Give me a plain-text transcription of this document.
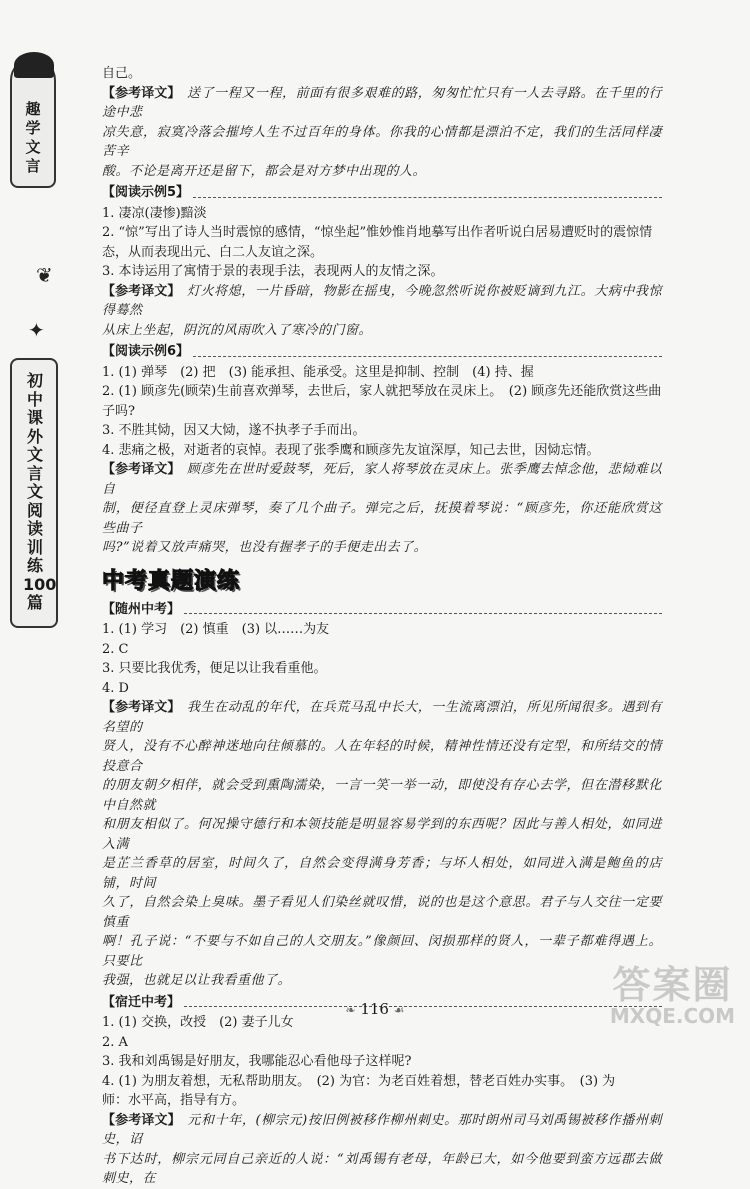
趣学文言
❦
✦
初中课外文言文阅读训练100篇

自己。

【参考译文】　 送了一程又一程，前面有很多艰难的路，匆匆忙忙只有一人去寻路。在千里的行途中悲

凉失意，寂寞冷落会摧垮人生不过百年的身体。你我的心情都是漂泊不定，我们的生活同样凄苦辛

酸。不论是离开还是留下，都会是对方梦中出现的人。

【阅读示例5】

1. 凄凉(凄惨)黯淡

2. “惊”写出了诗人当时震惊的感情，“惊坐起”惟妙惟肖地摹写出作者听说白居易遭贬时的震惊情

态，从而表现出元、白二人友谊之深。

3. 本诗运用了寓情于景的表现手法，表现两人的友情之深。

【参考译文】　 灯火将熄，一片昏暗，物影在摇曳，今晚忽然听说你被贬谪到九江。大病中我惊得蓦然

从床上坐起，阴沉的风雨吹入了寒冷的门窗。

【阅读示例6】

1. (1) 弹琴　(2) 把　(3) 能承担、能承受。这里是抑制、控制　(4) 持、握

2. (1) 顾彦先(顾荣)生前喜欢弹琴，去世后，家人就把琴放在灵床上。　(2) 顾彦先还能欣赏这些曲

子吗?

3. 不胜其恸，因又大恸，遂不执孝子手而出。

4. 悲痛之极，对逝者的哀悼。表现了张季鹰和顾彦先友谊深厚，知己去世，因恸忘情。

【参考译文】　 顾彦先在世时爱鼓琴，死后，家人将琴放在灵床上。张季鹰去悼念他，悲恸难以自

制，便径直登上灵床弹琴，奏了几个曲子。弹完之后，抚摸着琴说：“顾彦先，你还能欣赏这些曲子

吗?”说着又放声痛哭，也没有握孝子的手便走出去了。

中考真题演练
【随州中考】

1. (1) 学习　(2) 慎重　(3) 以……为友

2. C

3. 只要比我优秀，便足以让我看重他。

4. D

【参考译文】　 我生在动乱的年代，在兵荒马乱中长大，一生流离漂泊，所见所闻很多。遇到有名望的

贤人，没有不心醉神迷地向往倾慕的。人在年轻的时候，精神性情还没有定型，和所结交的情投意合

的朋友朝夕相伴，就会受到熏陶濡染，一言一笑一举一动，即使没有存心去学，但在潜移默化中自然就

和朋友相似了。何况操守德行和本领技能是明显容易学到的东西呢？因此与善人相处，如同进入满

是芷兰香草的居室，时间久了，自然会变得满身芳香；与坏人相处，如同进入满是鲍鱼的店铺，时间

久了，自然会染上臭味。墨子看见人们染丝就叹惜，说的也是这个意思。君子与人交往一定要慎重

啊！孔子说：“不要与不如自己的人交朋友。”像颜回、闵损那样的贤人，一辈子都难得遇上。只要比

我强，也就足以让我看重他了。

【宿迁中考】

1. (1) 交换，改授　(2) 妻子儿女

2. A

3. 我和刘禹锡是好朋友，我哪能忍心看他母子这样呢?

4. (1) 为朋友着想，无私帮助朋友。　(2) 为官：为老百姓着想，替老百姓办实事。　(3) 为

师：水平高，指导有方。

【参考译文】　 元和十年，(柳宗元)按旧例被移作柳州刺史。那时朗州司马刘禹锡被移作播州刺史，诏

书下达时，柳宗元同自己亲近的人说：“刘禹锡有老母，年龄已大，如今他要到蛮方远郡去做刺史，在

❧ 116 ☙
答案圈
MXQE.COM
